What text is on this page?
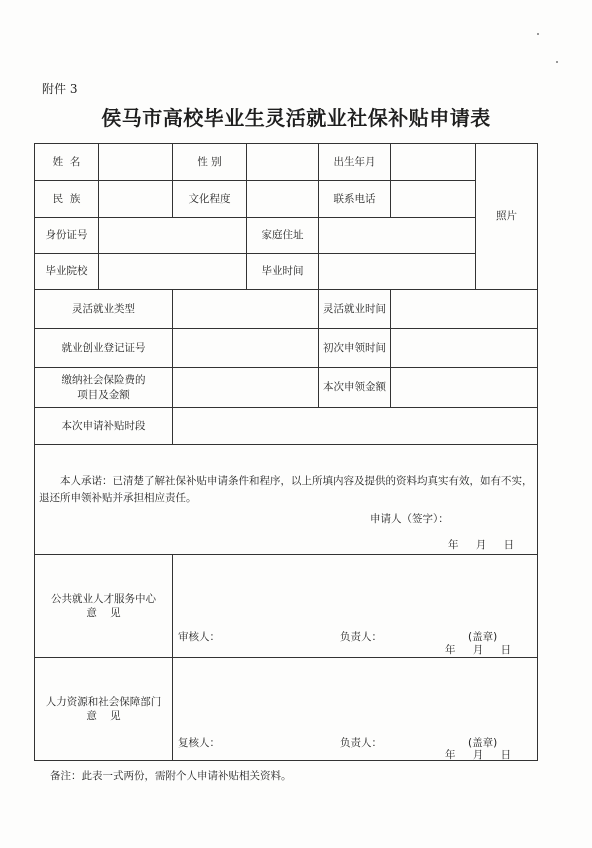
附件 3
侯马市高校毕业生灵活就业社保补贴申请表
姓  名		性 别		出生年月		照片
民  族		文化程度		联系电话		
身份证号			家庭住址			
毕业院校			毕业时间			
灵活就业类型				灵活就业时间		
就业创业登记证号				初次申领时间		
缴纳社会保险费的
项目及金额				本次申领金额		
本次申请补贴时段						

本人承诺：已清楚了解社保补贴申请条件和程序，以上所填内容及提供的资料均真实有效，如有不实，退还所申领补贴并承担相应责任。
申请人（签字）：
年 月 日						

公共就业人才服务中心
意    见		审核人： 负责人： (盖章)
年 月 日				

人力资源和社会保障部门
意    见		复核人： 负责人： (盖章)
年 月 日				
备注：此表一式两份，需附个人申请补贴相关资料。
